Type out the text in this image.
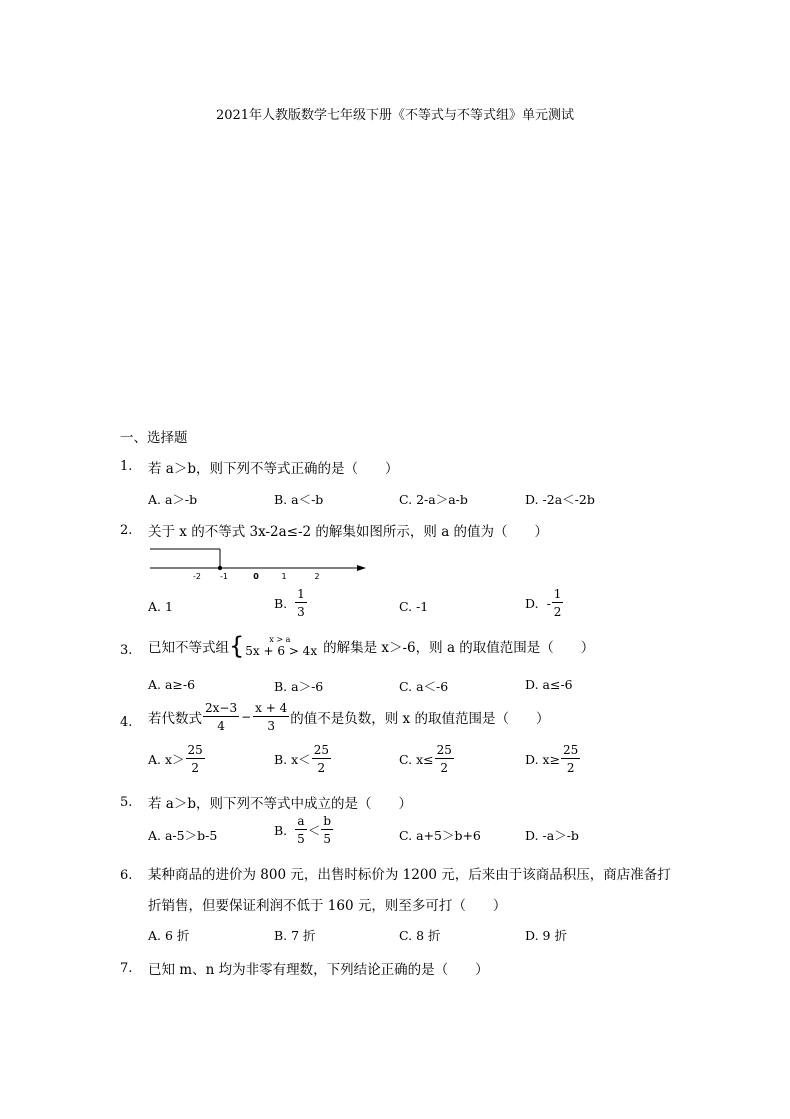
2021年人教版数学七年级下册《不等式与不等式组》单元测试
一、选择题
1. 若 a＞b，则下列不等式正确的是（　　）
A. a＞-b	B. a＜-b	C. 2-a＞a-b	D. -2a＜-2b
2. 关于 x 的不等式 3x-2a≤-2 的解集如图所示，则 a 的值为（　　）
-2 -1	0	1	2
A. 1	B. $\frac{1}{3}$	C. -1	D. - $\frac{1}{2}$
3. 已知不等式组 {	x > a
5x + 6 > 4x 的解集是 x＞-6，则 a 的取值范围是（　　）
A. a≥-6	B. a＞-6	C. a＜-6	D. a≤-6
4. 若代数式 $\frac{2x-3}{4} - \frac{x + 4}{3}$ 的值不是负数，则 x 的取值范围是（　　）
A. $x> \frac{25}{2}$	B. $x< \frac{25}{2}$	C. $x\le \frac{25}{2}$	D. $x\ge \frac{25}{2}$
5. 若 a＞b，则下列不等式中成立的是（　　）
A. a-5＞b-5	B. $\frac{a}{5} < \frac{b}{5}$	C. a+5＞b+6	D. -a＞-b
6. 某种商品的进价为 800 元，出售时标价为 1200 元，后来由于该商品积压，商店准备打
折销售，但要保证利润不低于 160 元，则至多可打（　　）
A. 6 折	B. 7 折	C. 8 折	D. 9 折
7. 已知 m、n 均为非零有理数，下列结论正确的是（　　）
